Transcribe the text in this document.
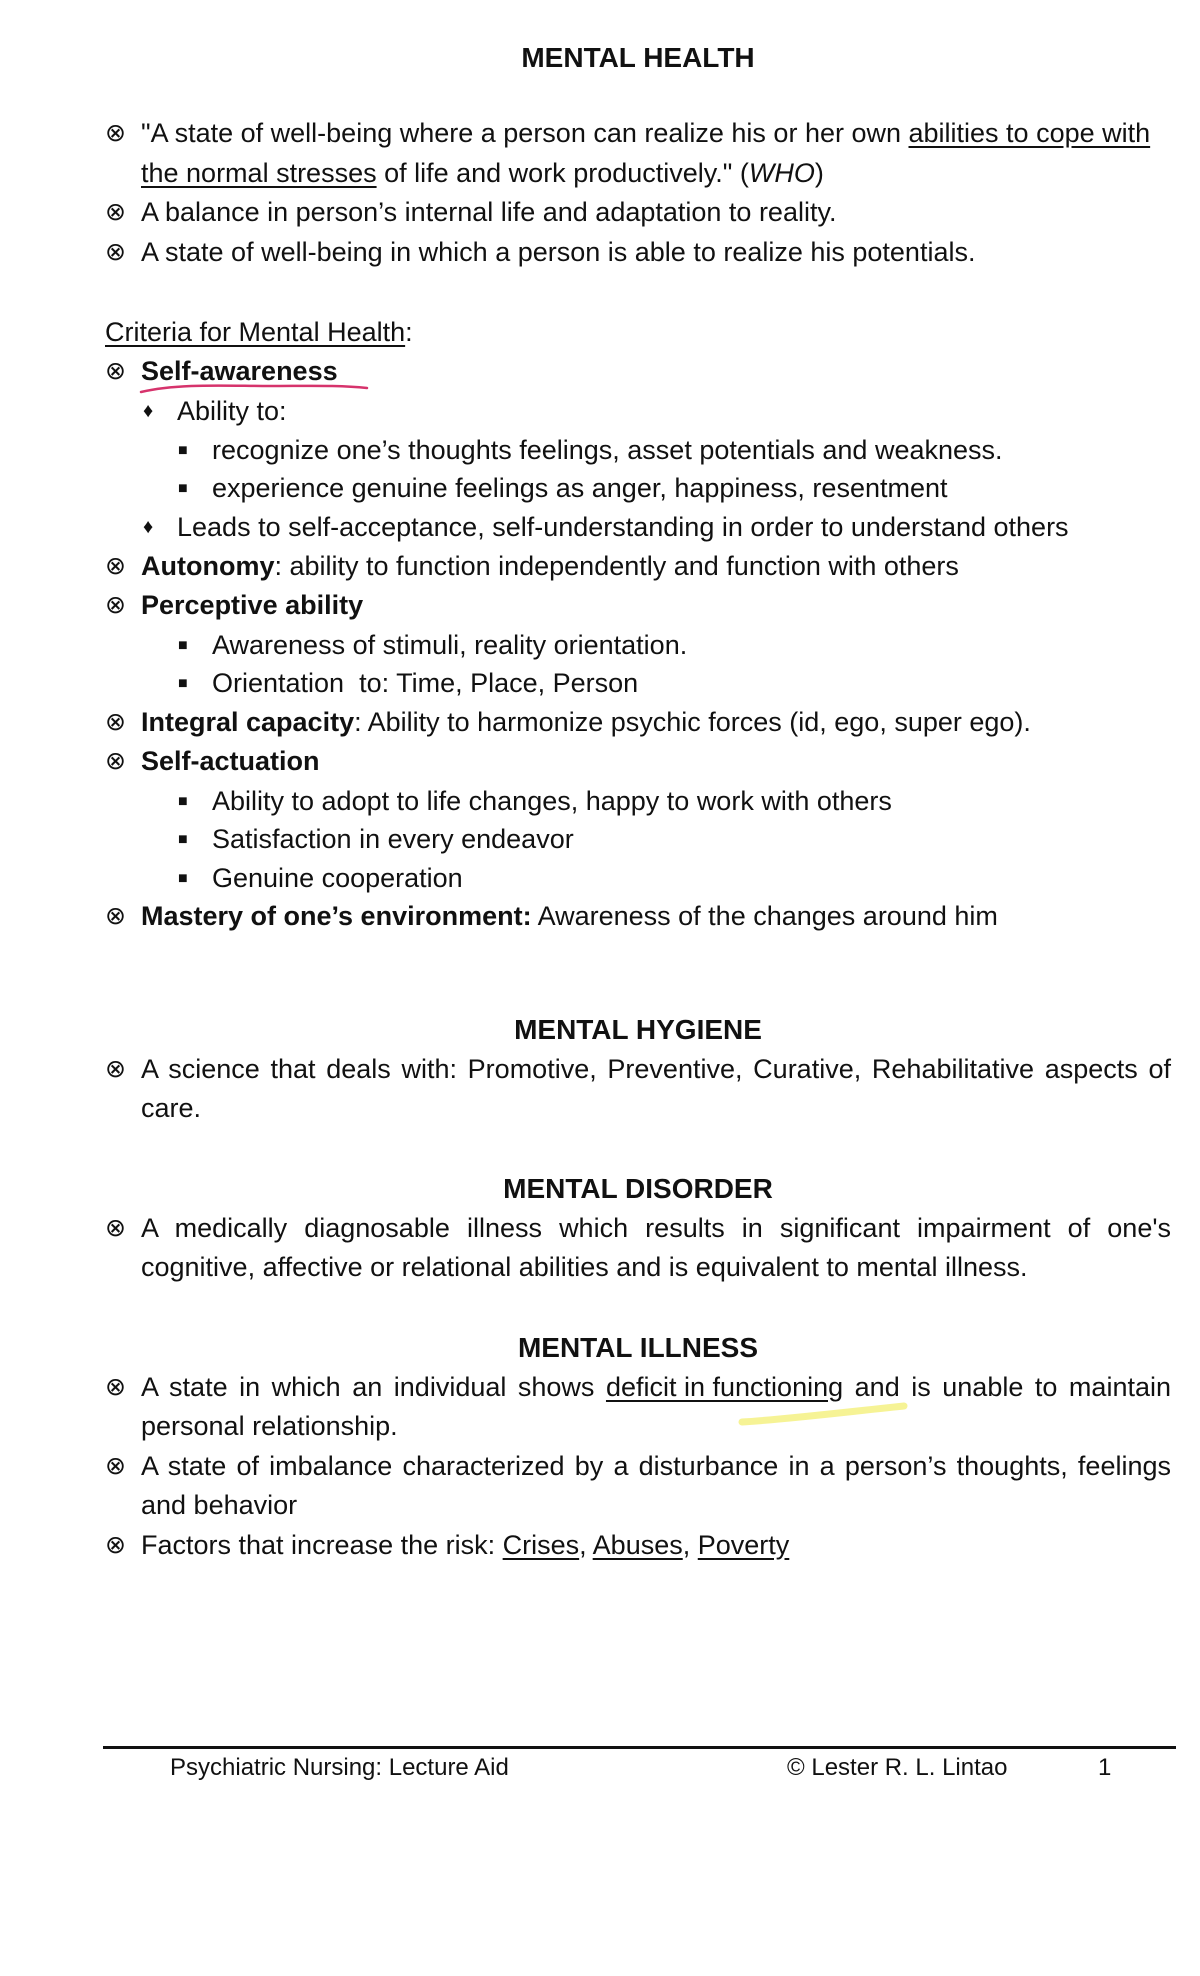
MENTAL HEALTH

⊗ "A state of well-being where a person can realize his or her own abilities to cope with the normal stresses of life and work productively." (WHO)

⊗ A balance in person’s internal life and adaptation to reality.

⊗ A state of well-being in which a person is able to realize his potentials.

Criteria for Mental Health:

⊗ Self-awareness

♦ Ability to:

■ recognize one’s thoughts feelings, asset potentials and weakness.

■ experience genuine feelings as anger, happiness, resentment

♦ Leads to self-acceptance, self-understanding in order to understand others

⊗ Autonomy: ability to function independently and function with others

⊗ Perceptive ability

■ Awareness of stimuli, reality orientation.

■ Orientation  to: Time, Place, Person

⊗ Integral capacity: Ability to harmonize psychic forces (id, ego, super ego).

⊗ Self-actuation

■ Ability to adopt to life changes, happy to work with others

■ Satisfaction in every endeavor

■ Genuine cooperation

⊗ Mastery of one’s environment: Awareness of the changes around him

MENTAL HYGIENE

⊗ A science that deals with: Promotive, Preventive, Curative, Rehabilitative aspects of care.

MENTAL DISORDER

⊗ A medically diagnosable illness which results in significant impairment of one's cognitive, affective or relational abilities and is equivalent to mental illness.

MENTAL ILLNESS

⊗ A state in which an individual shows deficit in functioning
and is unable to maintain personal relationship.

⊗ A state of imbalance characterized by a disturbance in a person’s thoughts, feelings and behavior

⊗ Factors that increase the risk: Crises, Abuses, Poverty

Psychiatric Nursing: Lecture Aid	© Lester R. L. Lintao	1
